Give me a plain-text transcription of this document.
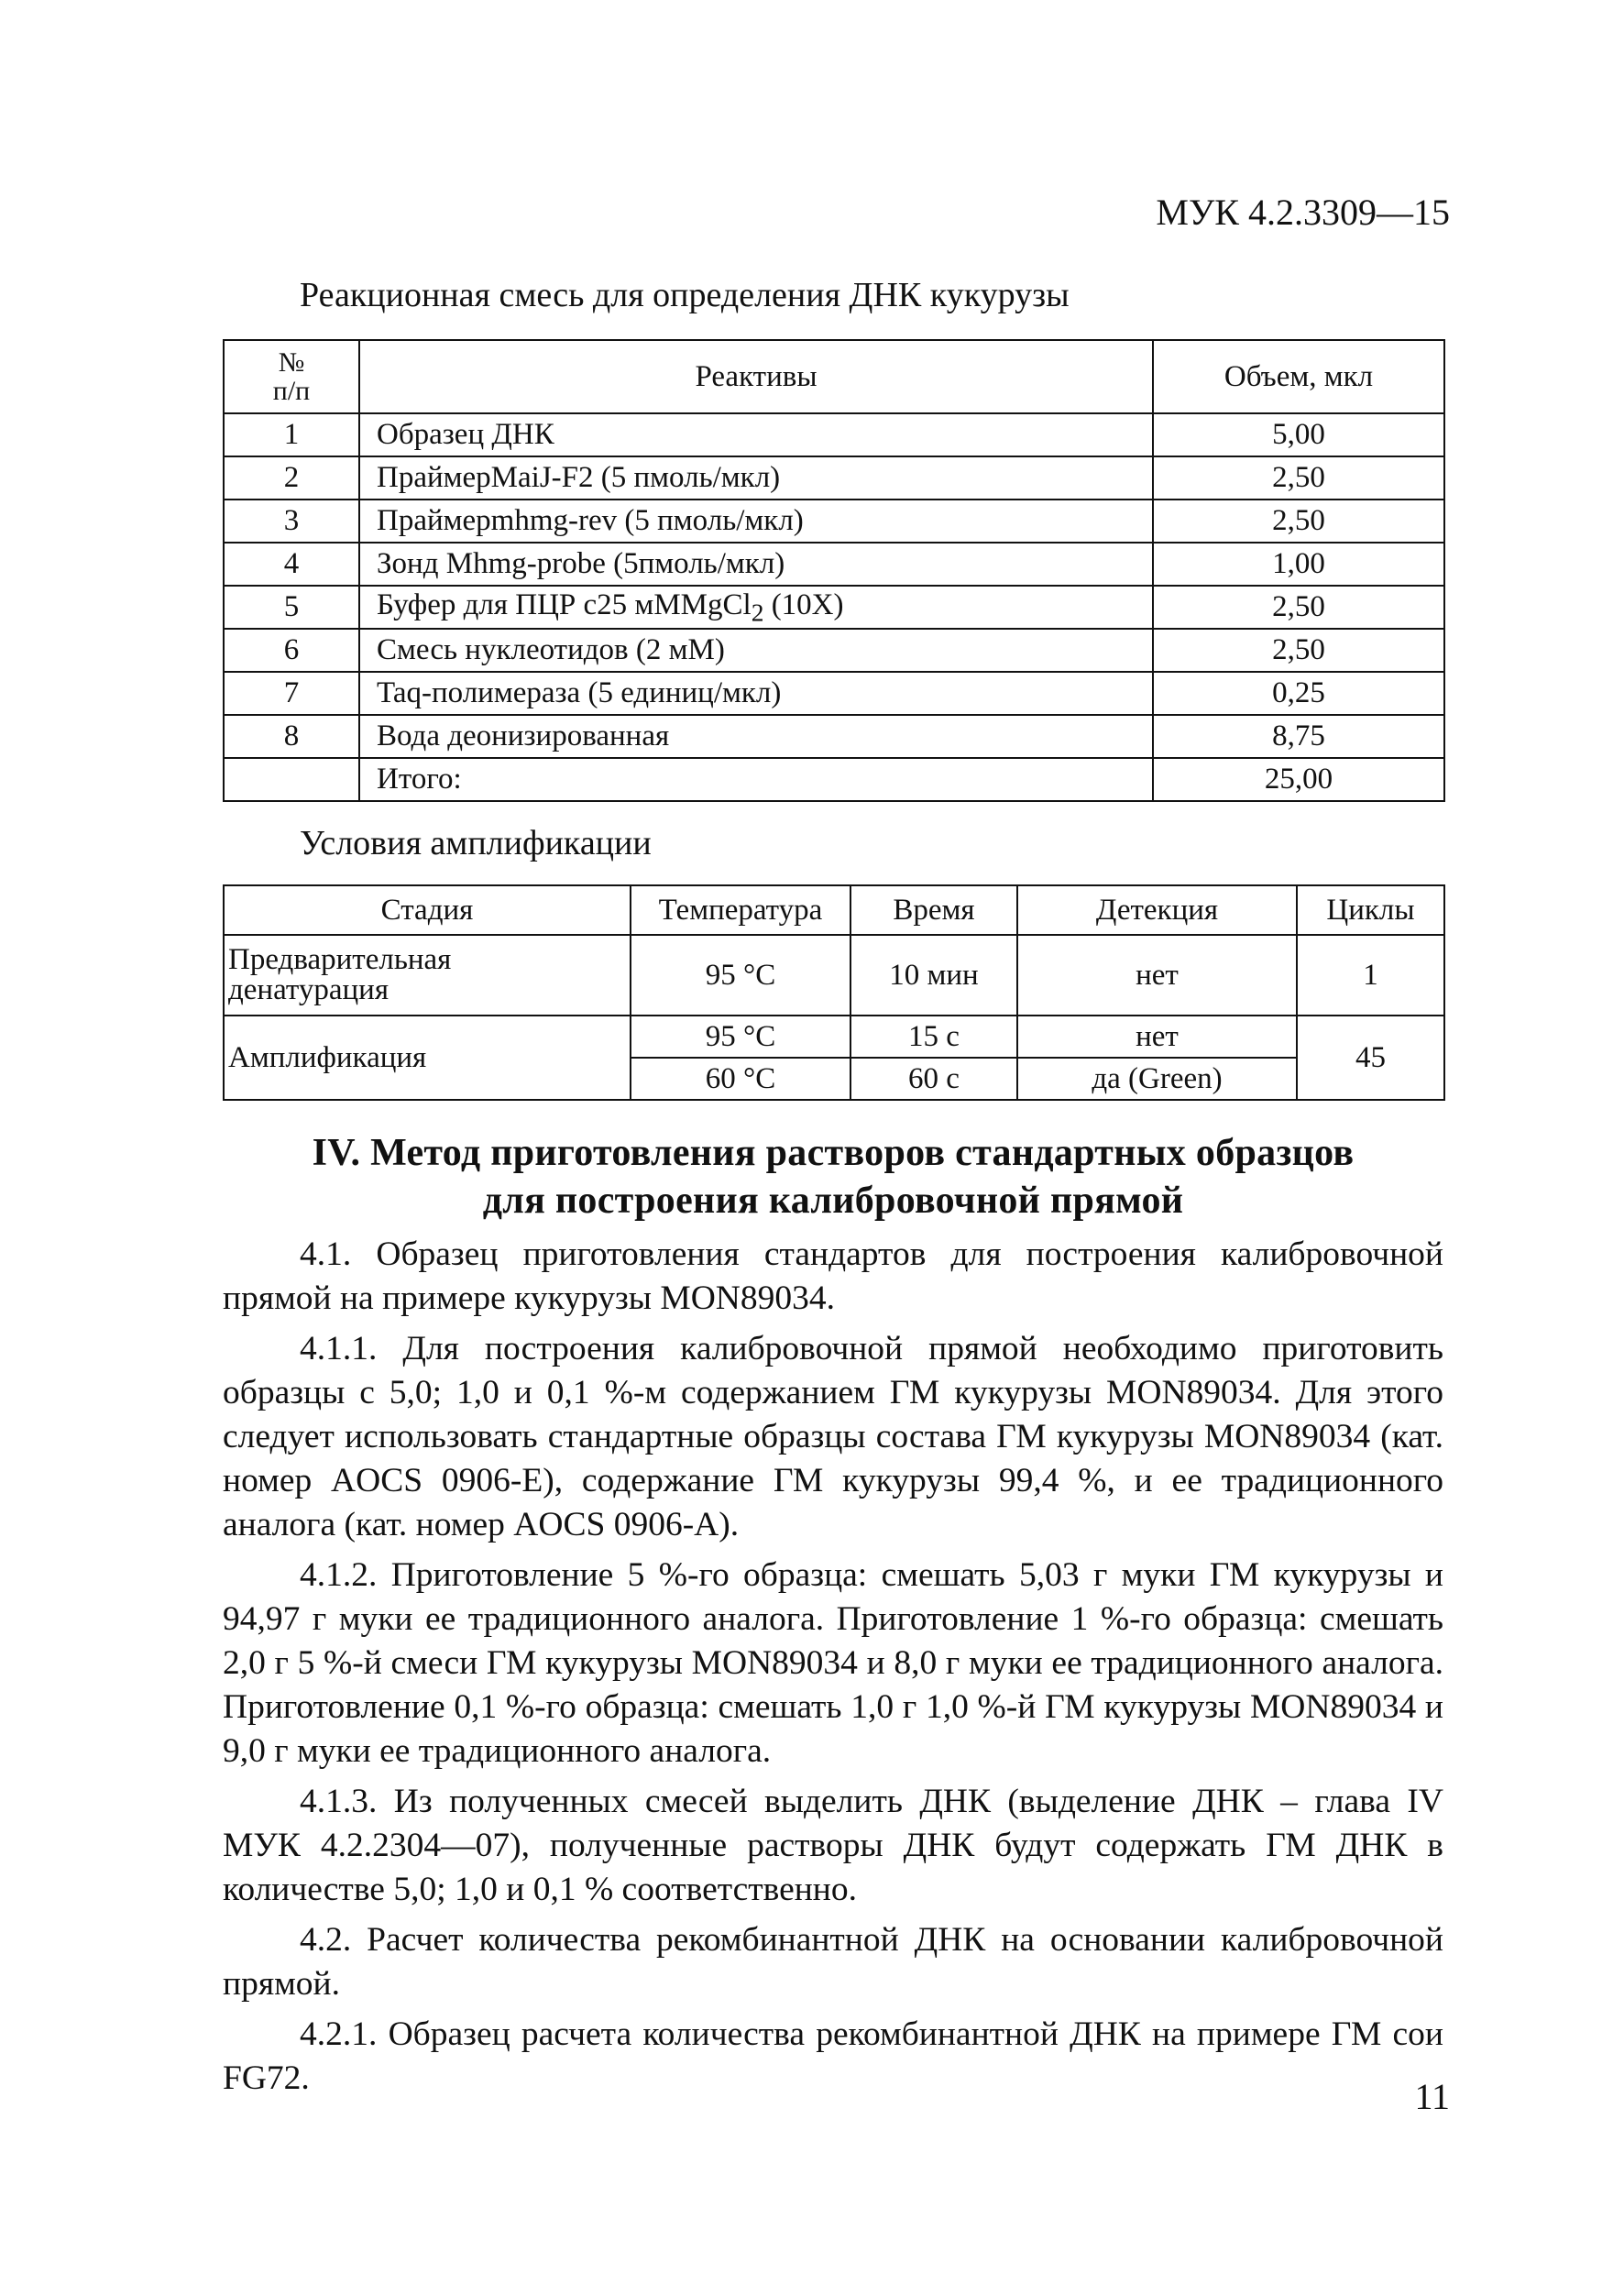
МУК 4.2.3309—15
Реакционная смесь для определения ДНК кукурузы
№
п/п	Реактивы	Объем, мкл
1	Образец ДНК	5,00
2	ПраймерMaiJ-F2 (5 пмоль/мкл)	2,50
3	Праймерmhmg-rev (5 пмоль/мкл)	2,50
4	Зонд Mhmg-probe (5пмоль/мкл)	1,00
5	Буфер для ПЦР с25 мММgCl$_2$ (10Х)	2,50
6	Смесь нуклеотидов (2 мМ)	2,50
7	Taq-полимераза (5 единиц/мкл)	0,25
8	Вода деонизированная	8,75
	Итого:	25,00
Условия амплификации
Стадия	Температура	Время	Детекция	Циклы

Предварительная
денатурация	95 °С	10 мин	нет	1
Амплификация	95 °С	15 с	нет	45
	60 °С	60 с	да (Green)	
IV. Метод приготовления растворов стандартных образцов
для построения калибровочной прямой

4.1. Образец приготовления стандартов для построения калибровочной прямой на примере кукурузы MON89034.

4.1.1. Для построения калибровочной прямой необходимо приготовить образцы с 5,0; 1,0 и 0,1 %-м содержанием ГМ кукурузы MON89034. Для этого следует использовать стандартные образцы состава ГМ кукурузы MON89034 (кат. номер AOCS 0906-Е), содержание ГМ кукурузы 99,4 %, и ее традиционного аналога (кат. номер AOCS 0906-А).

4.1.2. Приготовление 5 %-го образца: смешать 5,03 г муки ГМ кукурузы и 94,97 г муки ее традиционного аналога. Приготовление 1 %-го образца: смешать 2,0 г 5 %-й смеси ГМ кукурузы MON89034 и 8,0 г муки ее традиционного аналога. Приготовление 0,1 %-го образца: смешать 1,0 г 1,0 %-й ГМ кукурузы MON89034 и 9,0 г муки ее традиционного аналога.

4.1.3. Из полученных смесей выделить ДНК (выделение ДНК – глава IV МУК 4.2.2304—07), полученные растворы ДНК будут содержать ГМ ДНК в количестве 5,0; 1,0 и 0,1 % соответственно.

4.2. Расчет количества рекомбинантной ДНК на основании калибровочной прямой.

4.2.1. Образец расчета количества рекомбинантной ДНК на примере ГМ сои FG72.	11
